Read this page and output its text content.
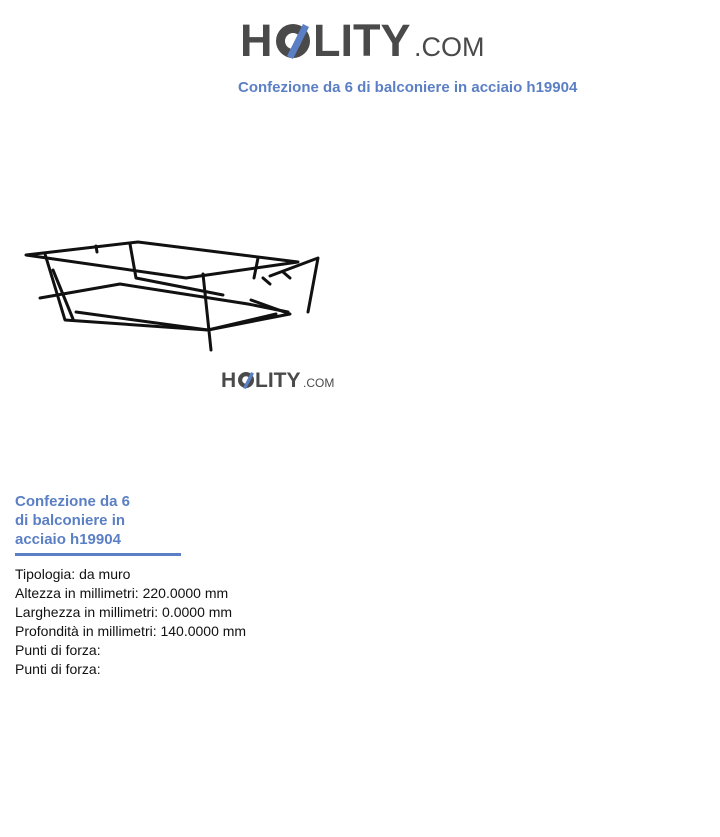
H LITY .COM
Confezione da 6 di balconiere in acciaio h19904
H LITY .COM
Confezione da 6
di balconiere in
acciaio h19904
Tipologia: da muro
Altezza in millimetri: 220.0000 mm
Larghezza in millimetri: 0.0000 mm
Profondità in millimetri: 140.0000 mm
Punti di forza:
Punti di forza:
